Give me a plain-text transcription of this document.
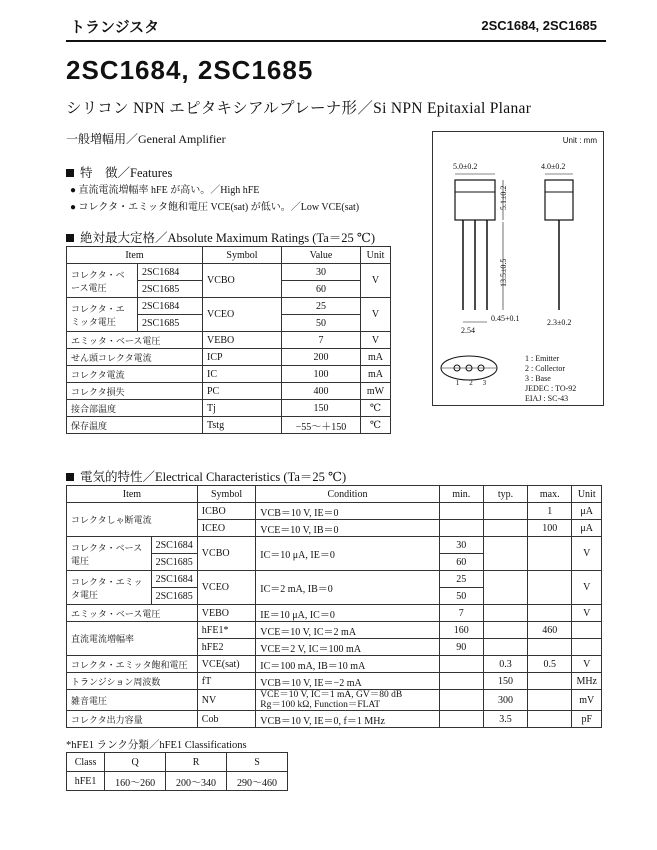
トランジスタ	2SC1684, 2SC1685
2SC1684, 2SC1685
シリコン NPN エピタキシアルプレーナ形／Si NPN Epitaxial Planar
一般増幅用／General Amplifier
特　徴／Features
● 直流電流増幅率 hFE が高い。／High hFE
● コレクタ・エミッタ飽和電圧 VCE(sat) が低い。／Low VCE(sat)
絶対最大定格／Absolute Maximum Ratings (Ta＝25 ℃)
Item		Symbol	Value	Unit
コレクタ・ベース電圧	2SC1684	VCBO	30	V
	2SC1685		60	
コレクタ・エミッタ電圧	2SC1684	VCEO	25	V
	2SC1685		50	
エミッタ・ベース電圧		VEBO	7	V
せん頭コレクタ電流		ICP	200	mA
コレクタ電流		IC	100	mA
コレクタ損失		PC	400	mW
接合部温度		Tj	150	℃
保存温度		Tstg	−55～＋150	℃
Unit : mm
5.0±0.2	4.0±0.2
5.1±0.2
13.5±0.5
0.45+0.1	2.3±0.2
2.54
1 2 3
1 : Emitter
2 : Collector
3 : Base
JEDEC : TO-92
EIAJ : SC-43
電気的特性／Electrical Characteristics (Ta＝25 ℃)
Item		Symbol	Condition	min.	typ.	max.	Unit
コレクタしゃ断電流		ICBO	VCB＝10 V, IE＝0			1	μA
		ICEO	VCE＝10 V, IB＝0			100	μA
コレクタ・ベース電圧	2SC1684	VCBO	IC＝10 μA, IE＝0	30			V
	2SC1685			60			
コレクタ・エミッタ電圧	2SC1684	VCEO	IC＝2 mA, IB＝0	25			V
	2SC1685			50			
エミッタ・ベース電圧		VEBO	IE＝10 μA, IC＝0	7			V
直流電流増幅率		hFE1*	VCE＝10 V, IC＝2 mA	160		460	
		hFE2	VCE＝2 V, IC＝100 mA	90			
コレクタ・エミッタ飽和電圧		VCE(sat)	IC＝100 mA, IB＝10 mA		0.3	0.5	V
トランジション周波数		fT	VCB＝10 V, IE＝−2 mA		150		MHz
雑音電圧		NV	VCE＝10 V, IC＝1 mA, GV＝80 dB
Rg＝100 kΩ, Function＝FLAT		300		mV
コレクタ出力容量		Cob	VCB＝10 V, IE＝0, f＝1 MHz		3.5		pF
*hFE1 ランク分類／hFE1 Classifications
Class	Q	R	S
hFE1	160～260	200～340	290～460
